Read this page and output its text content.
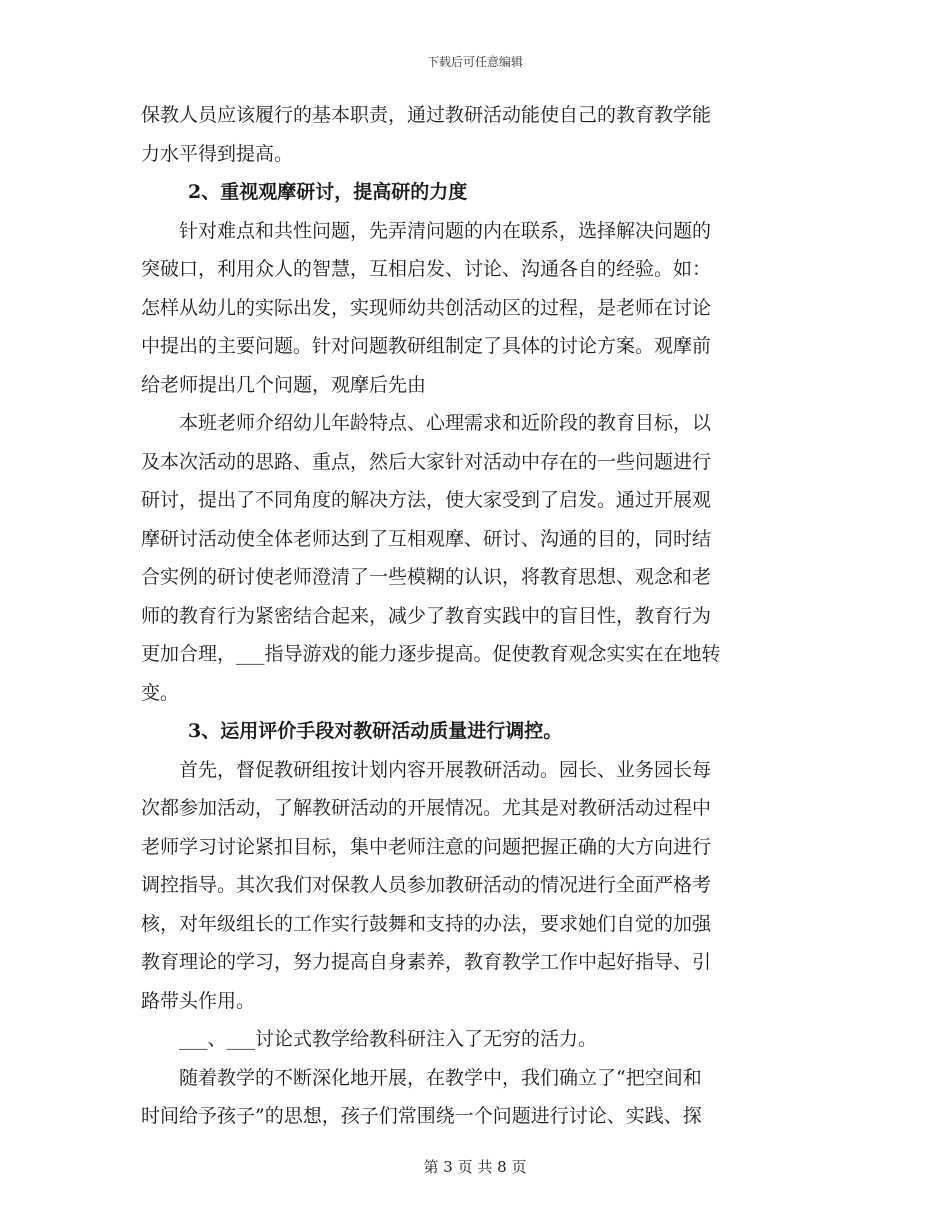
下载后可任意编辑
保教人员应该履行的基本职责，通过教研活动能使自己的教育教学能
力水平得到提高。
2、重视观摩研讨，提高研的力度
针对难点和共性问题，先弄清问题的内在联系，选择解决问题的
突破口，利用众人的智慧，互相启发、讨论、沟通各自的经验。如：
怎样从幼儿的实际出发，实现师幼共创活动区的过程，是老师在讨论
中提出的主要问题。针对问题教研组制定了具体的讨论方案。观摩前
给老师提出几个问题，观摩后先由
本班老师介绍幼儿年龄特点、心理需求和近阶段的教育目标，以
及本次活动的思路、重点，然后大家针对活动中存在的一些问题进行
研讨，提出了不同角度的解决方法，使大家受到了启发。通过开展观
摩研讨活动使全体老师达到了互相观摩、研讨、沟通的目的，同时结
合实例的研讨使老师澄清了一些模糊的认识，将教育思想、观念和老
师的教育行为紧密结合起来，减少了教育实践中的盲目性，教育行为
更加合理，___指导游戏的能力逐步提高。促使教育观念实实在在地转
变。
3、运用评价手段对教研活动质量进行调控。
首先，督促教研组按计划内容开展教研活动。园长、业务园长每
次都参加活动，了解教研活动的开展情况。尤其是对教研活动过程中
老师学习讨论紧扣目标，集中老师注意的问题把握正确的大方向进行
调控指导。其次我们对保教人员参加教研活动的情况进行全面严格考
核，对年级组长的工作实行鼓舞和支持的办法，要求她们自觉的加强
教育理论的学习，努力提高自身素养，教育教学工作中起好指导、引
路带头作用。
___、___讨论式教学给教科研注入了无穷的活力。
随着教学的不断深化地开展，在教学中，我们确立了“把空间和
时间给予孩子”的思想，孩子们常围绕一个问题进行讨论、实践、探
第 3 页 共 8 页
